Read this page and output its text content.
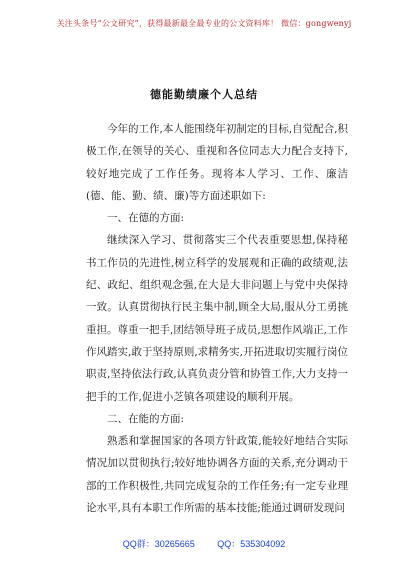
关注头条号“公文研究”，获得最新最全最专业的公文资料库！ 微信：gongwenyj
德能勤绩廉个人总结

今年的工作,本人能围绕年初制定的目标,自觉配合,积极工作,在领导的关心、重视和各位同志大力配合支持下,较好地完成了工作任务。现将本人学习、工作、廉洁(德、能、勤、绩、廉)等方面述职如下:

一、在德的方面:

继续深入学习、贯彻落实三个代表重要思想,保持秘书工作员的先进性,树立科学的发展观和正确的政绩观,法纪、政纪、组织观念强,在大是大非问题上与党中央保持一致。认真贯彻执行民主集中制,顾全大局,服从分工勇挑重担。尊重一把手,团结领导班子成员,思想作风端正,工作作风踏实,敢于坚持原则,求精务实,开拓进取切实履行岗位职责,坚持依法行政,认真负责分管和协管工作,大力支持一把手的工作,促进小芝镇各项建设的顺利开展。

二、在能的方面:

熟悉和掌握国家的各项方针政策,能较好地结合实际情况加以贯彻执行;较好地协调各方面的关系,充分调动干部的工作积极性,共同完成复杂的工作任务;有一定专业理论水平,具有本职工作所需的基本技能;能通过调研发现问

QQ群：30265665	QQ：535304092
